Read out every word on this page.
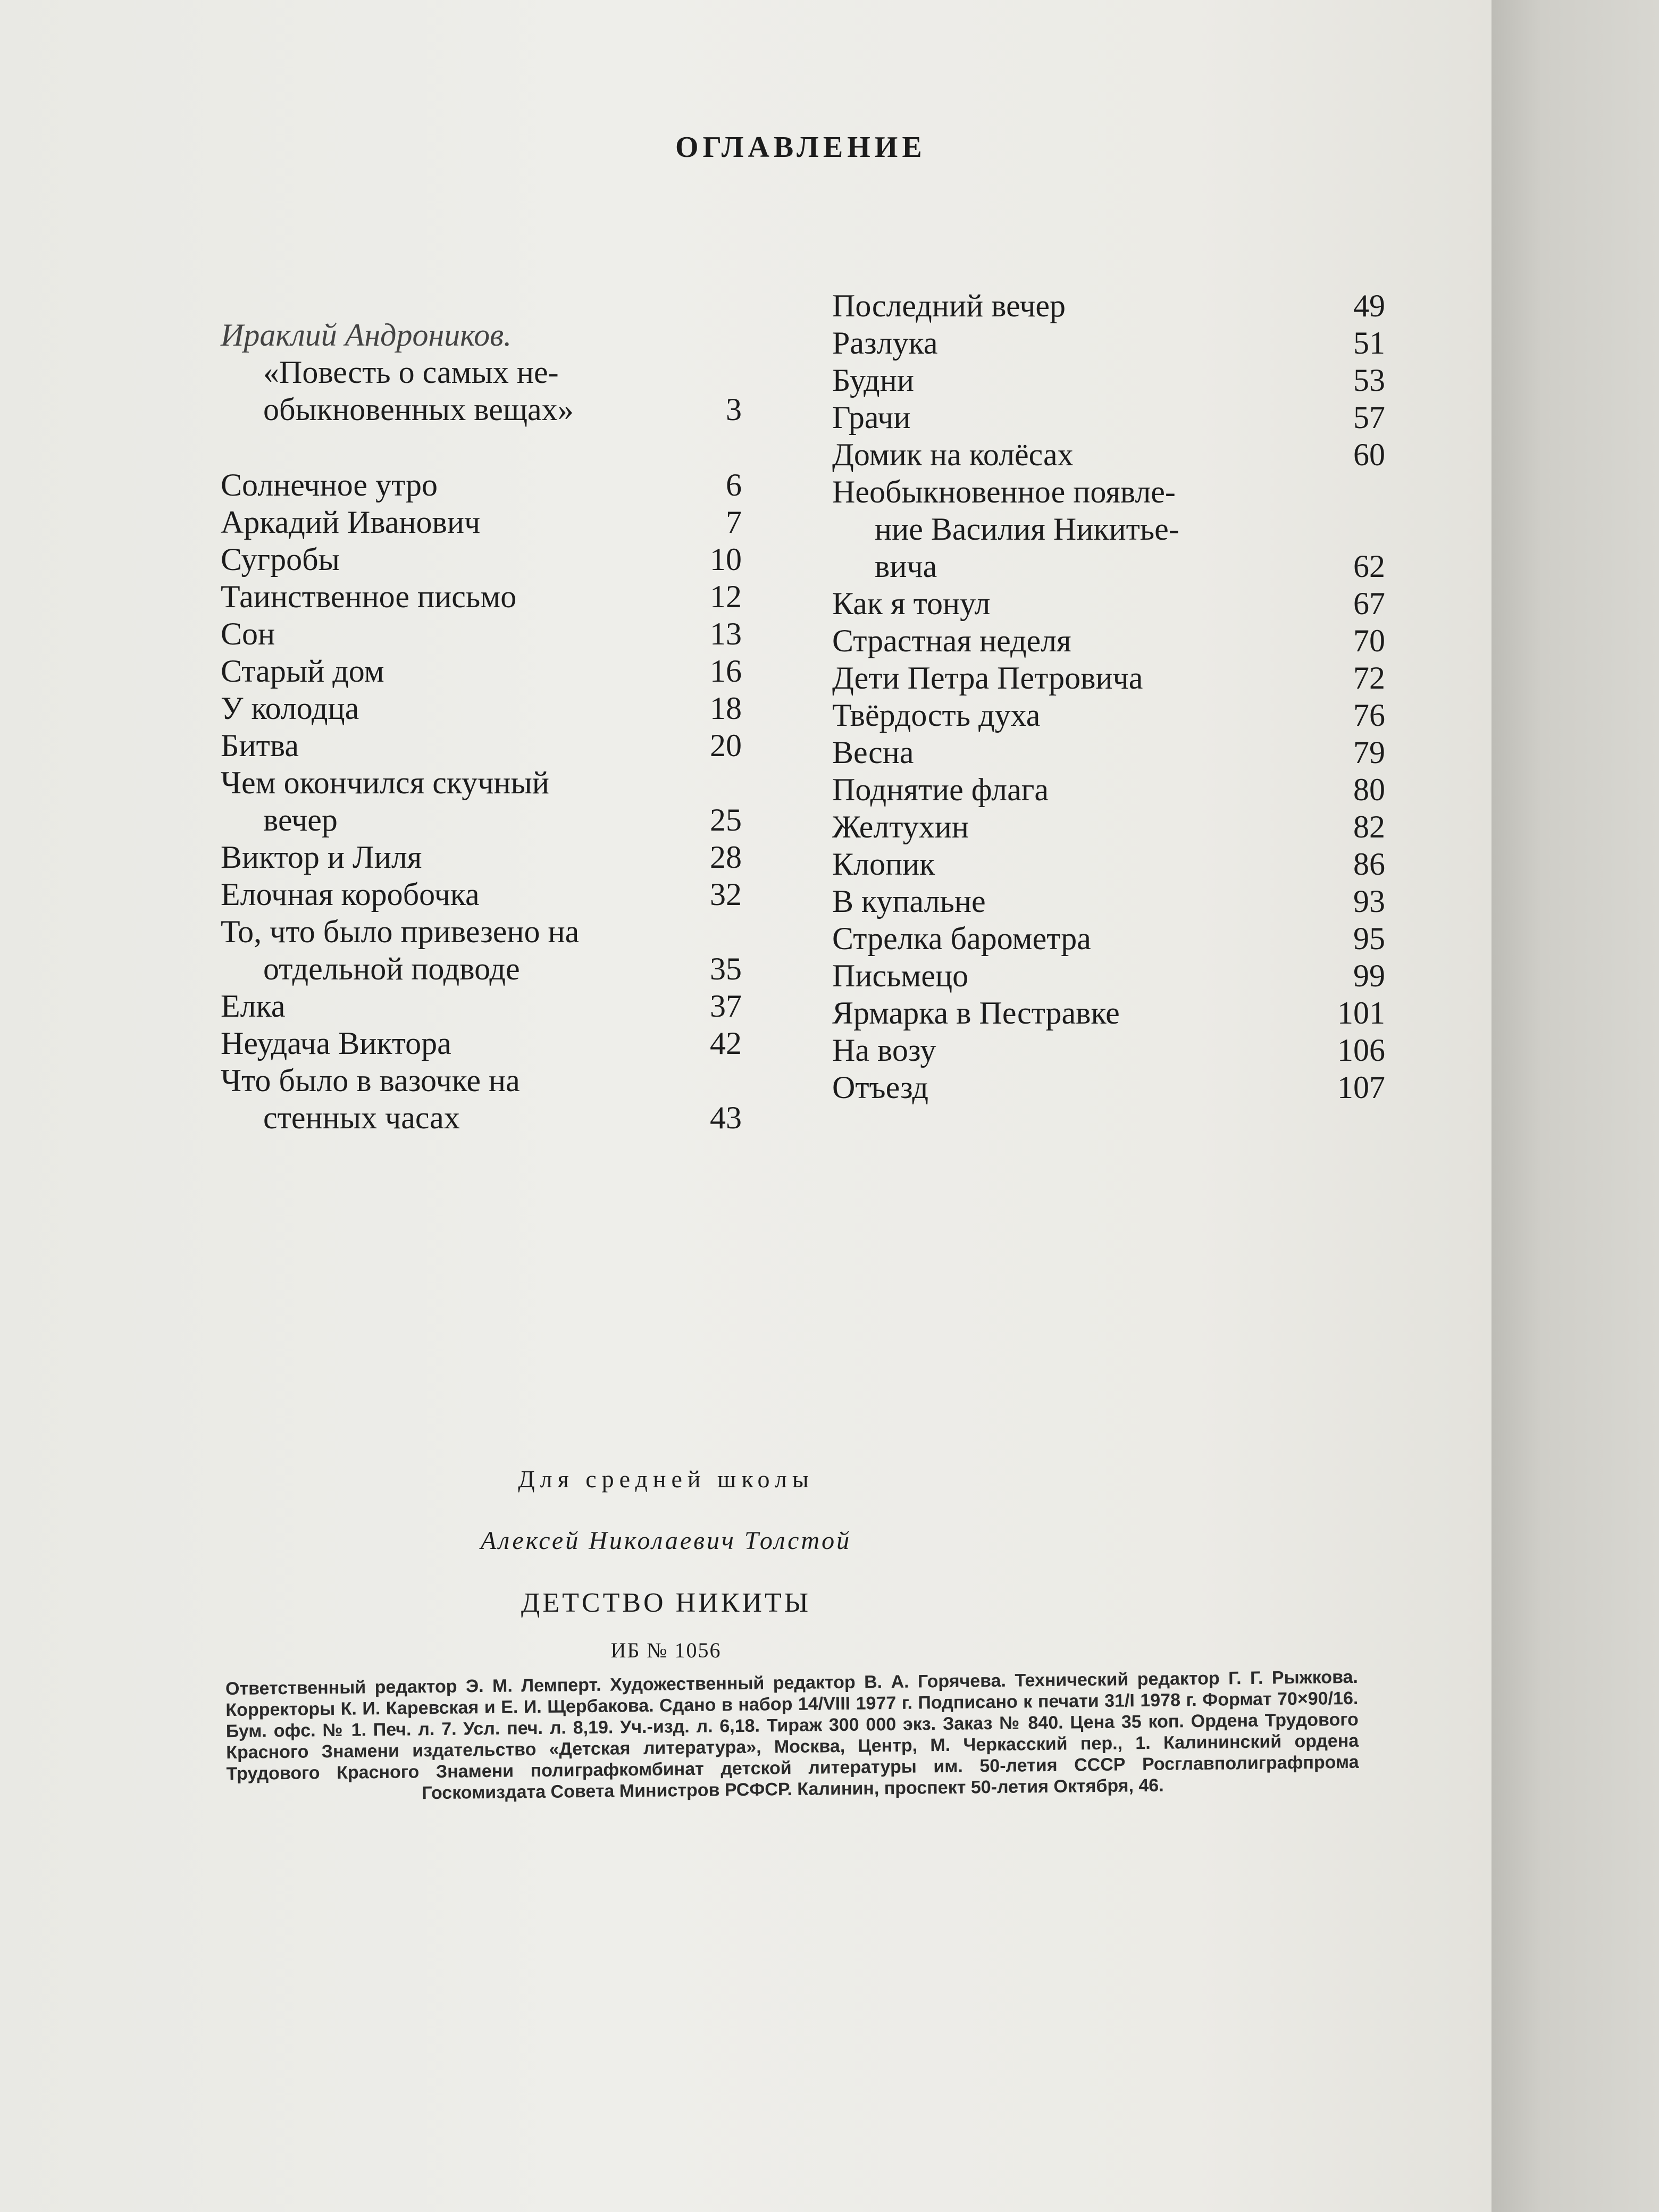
ОГЛАВЛЕНИЕ
Ираклий Андроников.
«Повесть о самых не-
обыкновенных вещах»	3
Солнечное утро	6
Аркадий Иванович	7
Сугробы	10
Таинственное письмо	12
Сон	13
Старый дом	16
У колодца	18
Битва	20
Чем окончился скучный
вечер	25
Виктор и Лиля	28
Елочная коробочка	32
То, что было привезено на
отдельной подводе	35
Елка	37
Неудача Виктора	42
Что было в вазочке на
стенных часах	43
Последний вечер	49
Разлука	51
Будни	53
Грачи	57
Домик на колёсах	60
Необыкновенное появле-
ние Василия Никитье-
вича	62
Как я тонул	67
Страстная неделя	70
Дети Петра Петровича	72
Твёрдость духа	76
Весна	79
Поднятие флага	80
Желтухин	82
Клопик	86
В купальне	93
Стрелка барометра	95
Письмецо	99
Ярмарка в Пестравке	101
На возу	106
Отъезд	107
Для средней школы
Алексей Николаевич Толстой
ДЕТСТВО НИКИТЫ
ИБ № 1056
Ответственный редактор Э. М. Лемперт. Художественный редактор В. А. Горячева. Технический редактор Г. Г. Рыжкова. Корректоры К. И. Каревская и Е. И. Щербакова. Сдано в набор 14/VIII 1977 г. Подписано к печати 31/I 1978 г. Формат 70×90/16. Бум. офс. № 1. Печ. л. 7. Усл. печ. л. 8,19. Уч.-изд. л. 6,18. Тираж 300 000 экз. Заказ № 840. Цена 35 коп. Ордена Трудового Красного Знамени издательство «Детская литература», Москва, Центр, М. Черкасский пер., 1. Калининский ордена Трудового Красного Знамени полиграфкомбинат детской литературы им. 50-летия СССР Росглавполиграфпрома Госкомиздата Совета Министров РСФСР. Калинин, проспект 50-летия Октября, 46.
